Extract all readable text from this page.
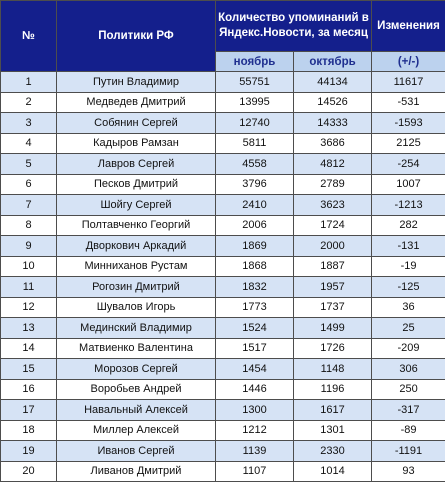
№	Политики РФ	Количество упоминаний в Яндекс.Новости, за месяц		Изменения
		ноябрь	октябрь	(+/-)
1	Путин Владимир	55751	44134	11617
2	Медведев Дмитрий	13995	14526	-531
3	Собянин Сергей	12740	14333	-1593
4	Кадыров Рамзан	5811	3686	2125
5	Лавров Сергей	4558	4812	-254
6	Песков Дмитрий	3796	2789	1007
7	Шойгу Сергей	2410	3623	-1213
8	Полтавченко Георгий	2006	1724	282
9	Дворкович Аркадий	1869	2000	-131
10	Минниханов Рустам	1868	1887	-19
11	Рогозин Дмитрий	1832	1957	-125
12	Шувалов Игорь	1773	1737	36
13	Мединский Владимир	1524	1499	25
14	Матвиенко Валентина	1517	1726	-209
15	Морозов Сергей	1454	1148	306
16	Воробьев Андрей	1446	1196	250
17	Навальный Алексей	1300	1617	-317
18	Миллер Алексей	1212	1301	-89
19	Иванов Сергей	1139	2330	-1191
20	Ливанов Дмитрий	1107	1014	93
